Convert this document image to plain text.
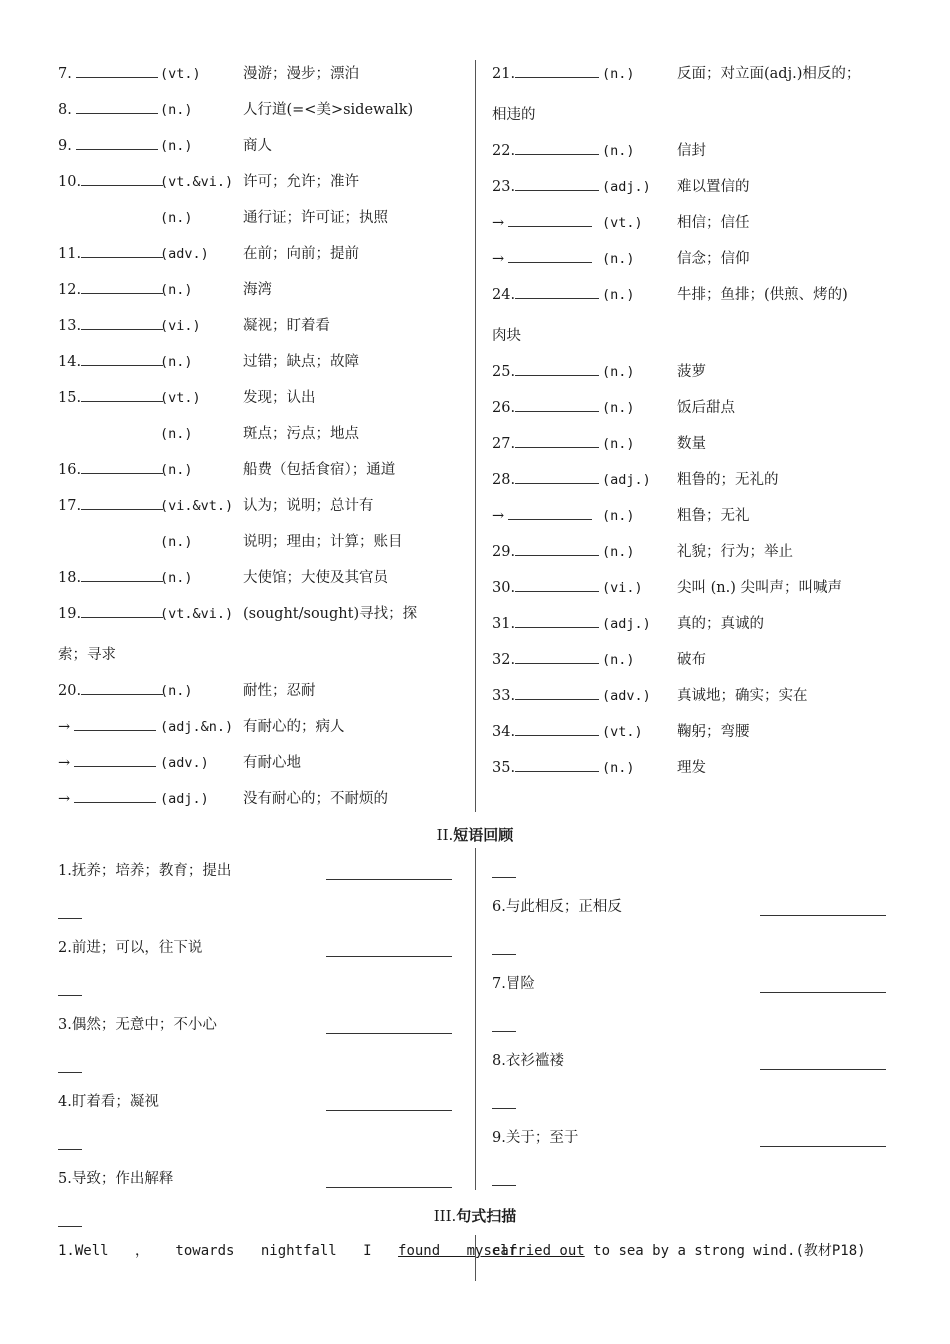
7.	(vt.)	漫游；漫步；漂泊
8.	(n.)	人行道(=<美>sidewalk)
9.	(n.)	商人
10.	(vt.&vi.) 许可；允许；准许
(n.)	通行证；许可证；执照
11.	(adv.) 在前；向前；提前
12.	(n.)	海湾
13.	(vi.)	凝视；盯着看
14.	(n.)	过错；缺点；故障
15.	(vt.)	发现；认出
(n.)	斑点；污点；地点
16.	(n.)	船费（包括食宿）；通道
17.	(vi.&vt.) 认为；说明；总计有
(n.)	说明；理由；计算；账目
18.	(n.)	大使馆；大使及其官员
19.	(vt.&vi.) (sought/sought)寻找；探
索；寻求
20.	(n.)	耐性；忍耐
→	(adj.&n.) 有耐心的；病人
→	(adv.) 有耐心地
→	(adj.) 没有耐心的；不耐烦的
21.	(n.)	反面；对立面(adj.)相反的；
相违的
22.	(n.)	信封
23.	(adj.) 难以置信的
→	(vt.) 相信；信任
→	(n.)	信念；信仰
24.	(n.)	牛排；鱼排；(供煎、烤的)
肉块
25.	(n.)	菠萝
26.	(n.)	饭后甜点
27.	(n.)	数量
28.	(adj.) 粗鲁的；无礼的
→	(n.)	粗鲁；无礼
29.	(n.)	礼貌；行为；举止
30.	(vi.) 尖叫 (n.) 尖叫声；叫喊声
31.	(adj.) 真的；真诚的
32.	(n.)	破布
33.	(adv.) 真诚地；确实；实在
34.	(vt.) 鞠躬；弯腰
35.	(n.)	理发
II.短语回顾
1.抚养；培养；教育；提出
2.前进；可以，往下说
3.偶然；无意中；不小心
4.盯着看；凝视
5.导致；作出解释
6.与此相反；正相反
7.冒险
8.衣衫褴褛
9.关于；至于
III.句式扫描
1.Well ， towards nightfall I found myself
carried out to sea by a strong wind.(教材P18)
